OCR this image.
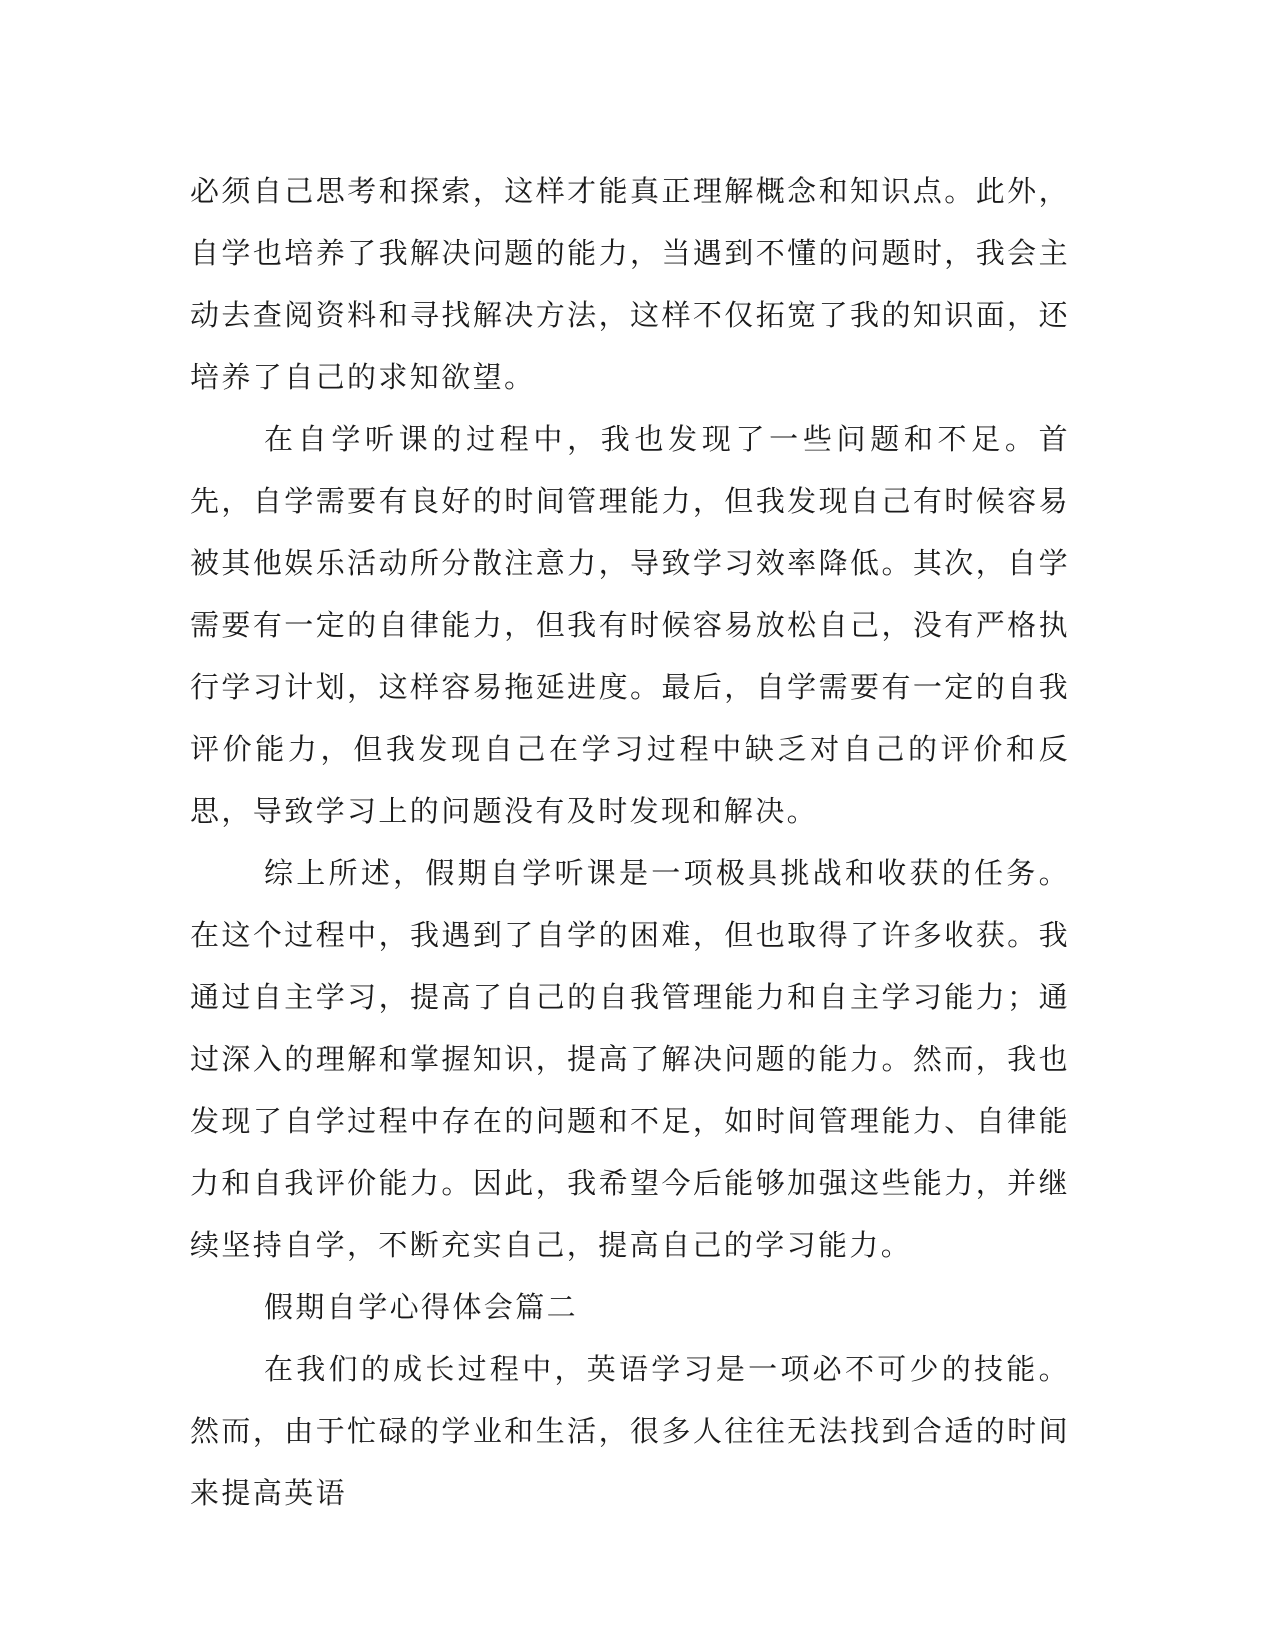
必须自己思考和探索，这样才能真正理解概念和知识点。此外，自学也培养了我解决问题的能力，当遇到不懂的问题时，我会主动去查阅资料和寻找解决方法，这样不仅拓宽了我的知识面，还培养了自己的求知欲望。

在自学听课的过程中，我也发现了一些问题和不足。首先，自学需要有良好的时间管理能力，但我发现自己有时候容易被其他娱乐活动所分散注意力，导致学习效率降低。其次，自学需要有一定的自律能力，但我有时候容易放松自己，没有严格执行学习计划，这样容易拖延进度。最后，自学需要有一定的自我评价能力，但我发现自己在学习过程中缺乏对自己的评价和反思，导致学习上的问题没有及时发现和解决。

综上所述，假期自学听课是一项极具挑战和收获的任务。在这个过程中，我遇到了自学的困难，但也取得了许多收获。我通过自主学习，提高了自己的自我管理能力和自主学习能力；通过深入的理解和掌握知识，提高了解决问题的能力。然而，我也发现了自学过程中存在的问题和不足，如时间管理能力、自律能力和自我评价能力。因此，我希望今后能够加强这些能力，并继续坚持自学，不断充实自己，提高自己的学习能力。

假期自学心得体会篇二

在我们的成长过程中，英语学习是一项必不可少的技能。然而，由于忙碌的学业和生活，很多人往往无法找到合适的时间来提高英语
